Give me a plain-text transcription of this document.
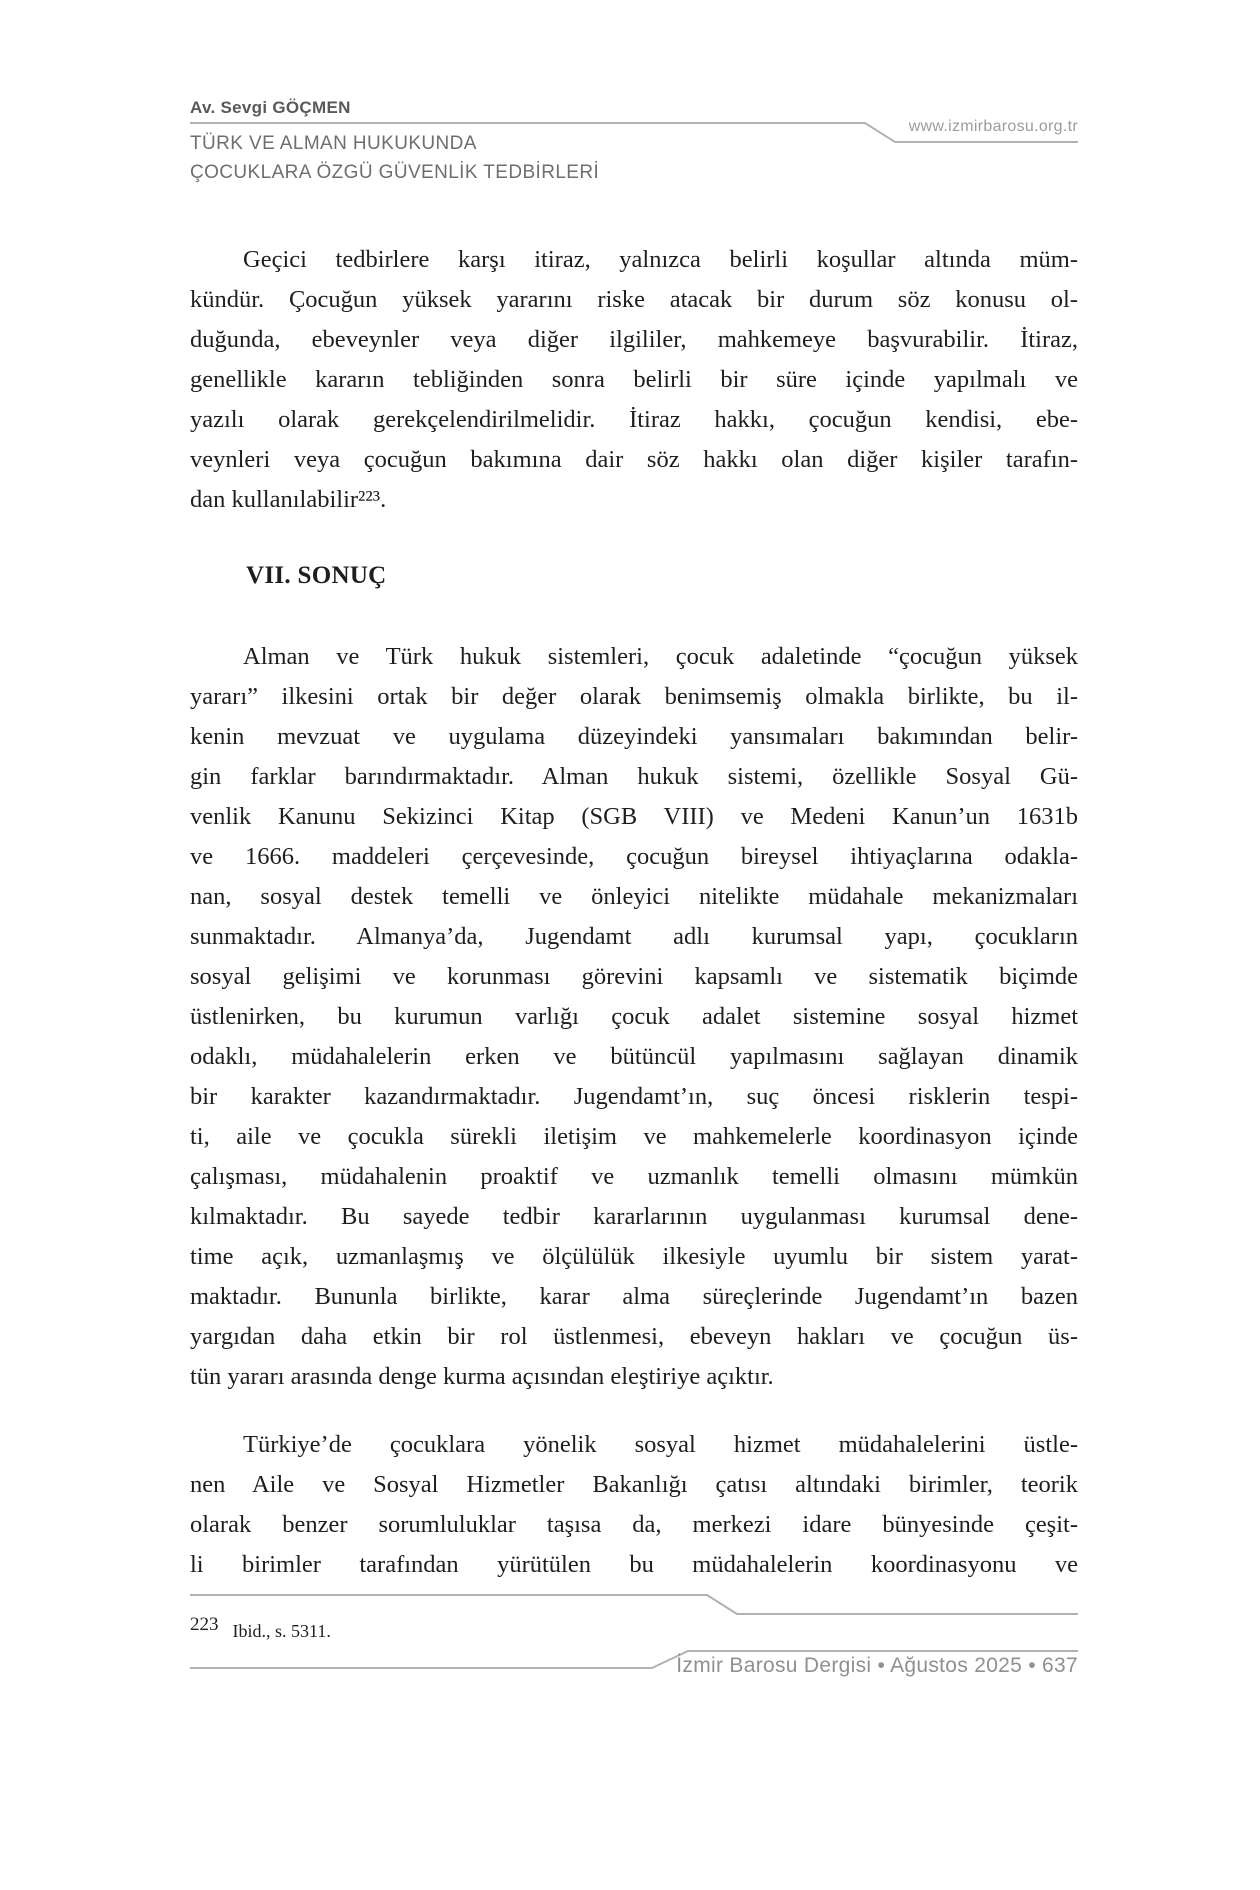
Av. Sevgi GÖÇMEN
www.izmirbarosu.org.tr
TÜRK VE ALMAN HUKUKUNDA
ÇOCUKLARA ÖZGÜ GÜVENLİK TEDBİRLERİ
Geçici tedbirlere karşı itiraz, yalnızca belirli koşullar altında müm-
kündür. Çocuğun yüksek yararını riske atacak bir durum söz konusu ol-
duğunda, ebeveynler veya diğer ilgililer, mahkemeye başvurabilir. İtiraz,
genellikle kararın tebliğinden sonra belirli bir süre içinde yapılmalı ve
yazılı olarak gerekçelendirilmelidir. İtiraz hakkı, çocuğun kendisi, ebe-
veynleri veya çocuğun bakımına dair söz hakkı olan diğer kişiler tarafın-
dan kullanılabilir²²³.
VII. SONUÇ
Alman ve Türk hukuk sistemleri, çocuk adaletinde “çocuğun yüksek
yararı” ilkesini ortak bir değer olarak benimsemiş olmakla birlikte, bu il-
kenin mevzuat ve uygulama düzeyindeki yansımaları bakımından belir-
gin farklar barındırmaktadır. Alman hukuk sistemi, özellikle Sosyal Gü-
venlik Kanunu Sekizinci Kitap (SGB VIII) ve Medeni Kanun’un 1631b
ve 1666. maddeleri çerçevesinde, çocuğun bireysel ihtiyaçlarına odakla-
nan, sosyal destek temelli ve önleyici nitelikte müdahale mekanizmaları
sunmaktadır. Almanya’da, Jugendamt adlı kurumsal yapı, çocukların
sosyal gelişimi ve korunması görevini kapsamlı ve sistematik biçimde
üstlenirken, bu kurumun varlığı çocuk adalet sistemine sosyal hizmet
odaklı, müdahalelerin erken ve bütüncül yapılmasını sağlayan dinamik
bir karakter kazandırmaktadır. Jugendamt’ın, suç öncesi risklerin tespi-
ti, aile ve çocukla sürekli iletişim ve mahkemelerle koordinasyon içinde
çalışması, müdahalenin proaktif ve uzmanlık temelli olmasını mümkün
kılmaktadır. Bu sayede tedbir kararlarının uygulanması kurumsal dene-
time açık, uzmanlaşmış ve ölçülülük ilkesiyle uyumlu bir sistem yarat-
maktadır. Bununla birlikte, karar alma süreçlerinde Jugendamt’ın bazen
yargıdan daha etkin bir rol üstlenmesi, ebeveyn hakları ve çocuğun üs-
tün yararı arasında denge kurma açısından eleştiriye açıktır.
Türkiye’de çocuklara yönelik sosyal hizmet müdahalelerini üstle-
nen Aile ve Sosyal Hizmetler Bakanlığı çatısı altındaki birimler, teorik
olarak benzer sorumluluklar taşısa da, merkezi idare bünyesinde çeşit-
li birimler tarafından yürütülen bu müdahalelerin koordinasyonu ve
223 Ibid., s. 5311.
İzmir Barosu Dergisi • Ağustos 2025 • 637
